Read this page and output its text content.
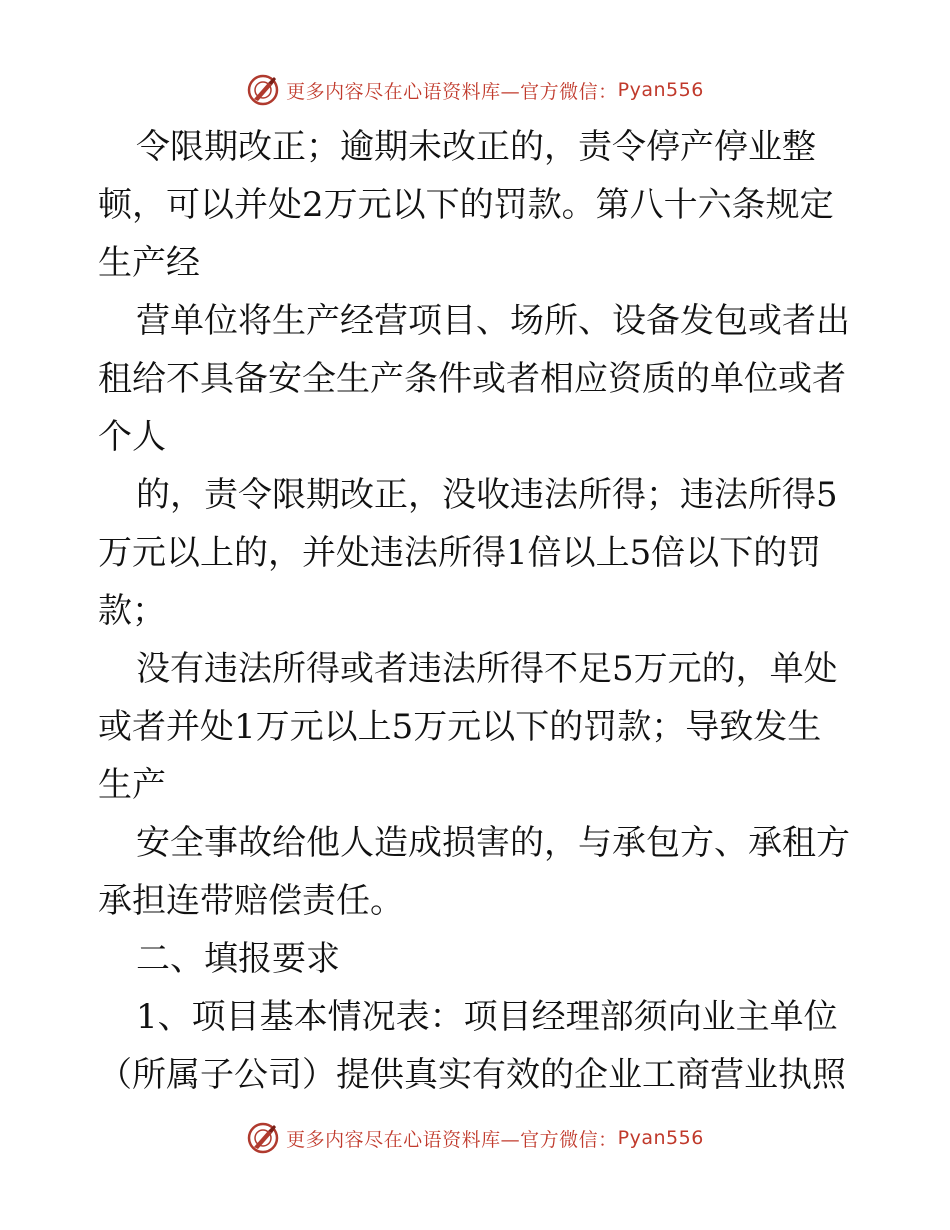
更多内容尽在心语资料库—官方微信： Pyan556
令限期改正；逾期未改正的，责令停产停业整
顿，可以并处2万元以下的罚款。第八十六条规定
生产经
营单位将生产经营项目、场所、设备发包或者出
租给不具备安全生产条件或者相应资质的单位或者
个人
的，责令限期改正，没收违法所得；违法所得5
万元以上的，并处违法所得1倍以上5倍以下的罚
款；
没有违法所得或者违法所得不足5万元的，单处
或者并处1万元以上5万元以下的罚款；导致发生
生产
安全事故给他人造成损害的，与承包方、承租方
承担连带赔偿责任。
二、填报要求
1、项目基本情况表：项目经理部须向业主单位
（所属子公司）提供真实有效的企业工商营业执照
更多内容尽在心语资料库—官方微信： Pyan556
